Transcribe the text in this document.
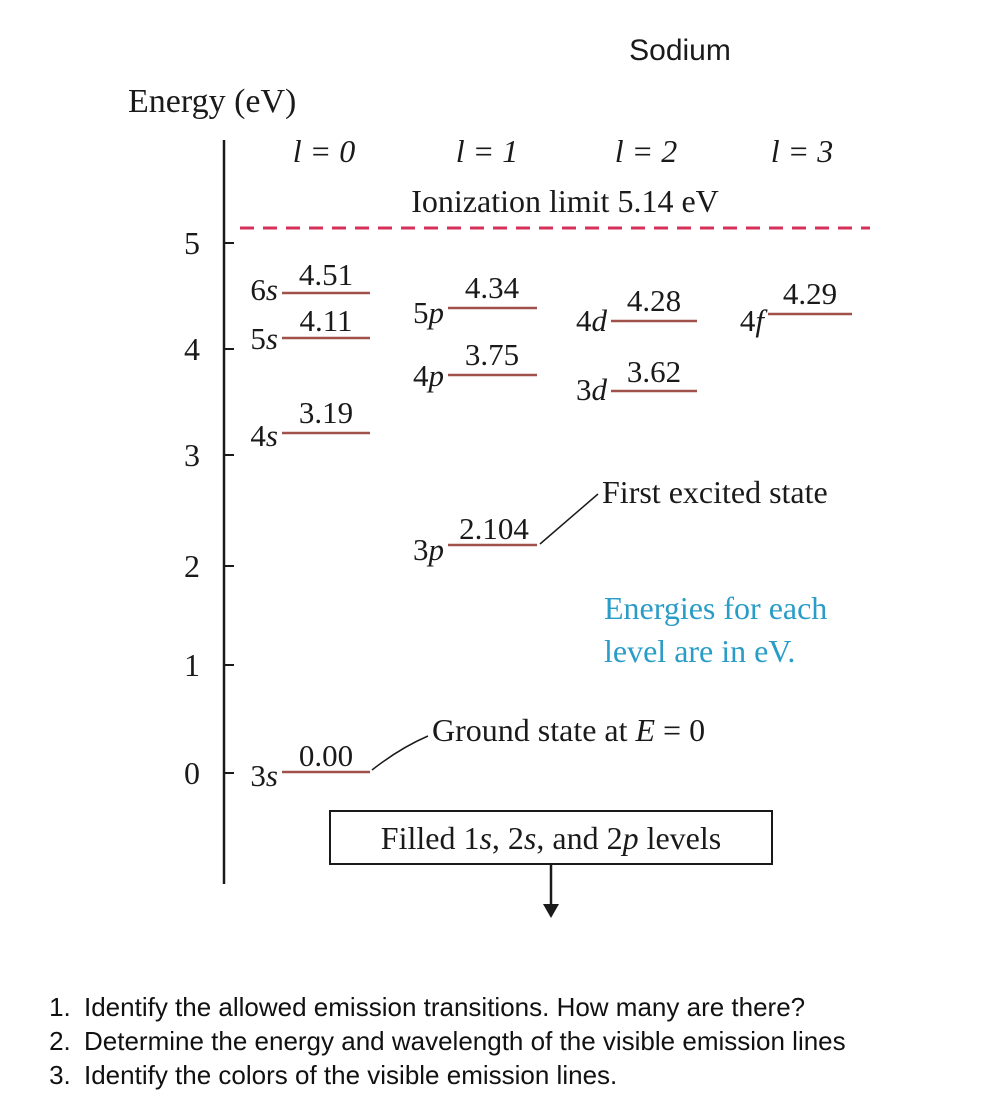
Sodium
Energy (eV)
0
1
2
3
4
5
l = 0	l = 1	l = 2	l = 3
Ionization limit 5.14 eV
0.00
3.19
4.11
4.51
2.104
3.75
4.34
3.62
4.28	4.29
3s
4s
5s
6s
3p
4p
5p
3d
4d	4f
First excited state
Energies for each
level are in eV.
Ground state at E = 0
Filled 1s, 2s, and 2p levels
1. Identify the allowed emission transitions. How many are there?
2. Determine the energy and wavelength of the visible emission lines
3. Identify the colors of the visible emission lines.
